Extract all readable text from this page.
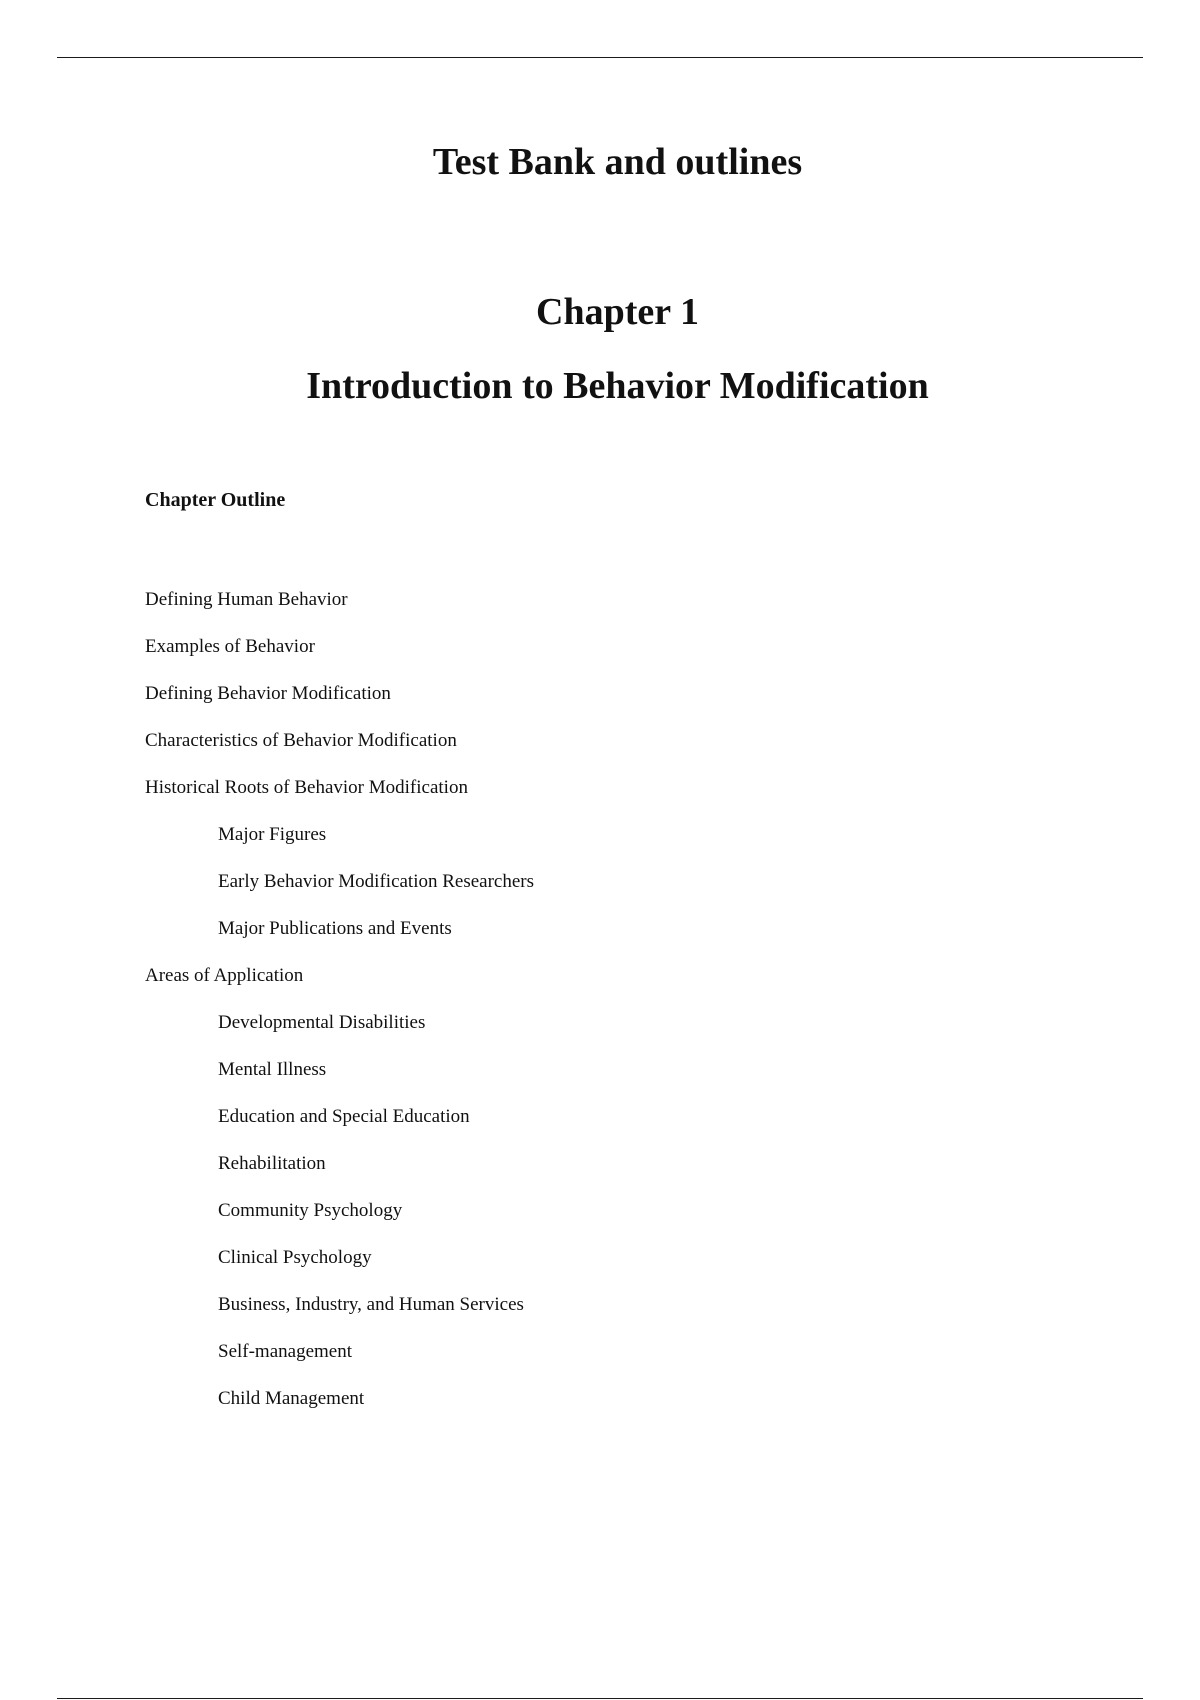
Test Bank and outlines
Chapter 1
Introduction to Behavior Modification
Chapter Outline
Defining Human Behavior
Examples of Behavior
Defining Behavior Modification
Characteristics of Behavior Modification
Historical Roots of Behavior Modification
Major Figures
Early Behavior Modification Researchers
Major Publications and Events
Areas of Application
Developmental Disabilities
Mental Illness
Education and Special Education
Rehabilitation
Community Psychology
Clinical Psychology
Business, Industry, and Human Services
Self-management
Child Management
